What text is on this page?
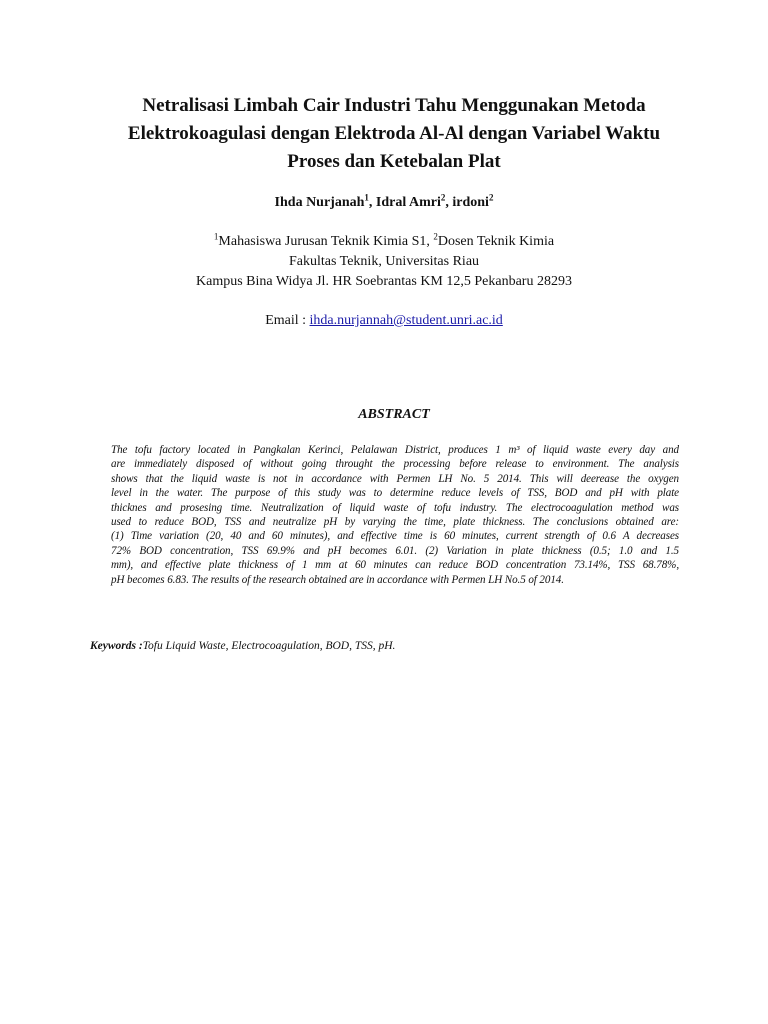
Netralisasi Limbah Cair Industri Tahu Menggunakan Metoda
Elektrokoagulasi dengan Elektroda Al-Al dengan Variabel Waktu
Proses dan Ketebalan Plat
Ihda Nurjanah$^1$, Idral Amri$^2$, irdoni$^2$
$^1$Mahasiswa Jurusan Teknik Kimia S1, $^2$Dosen Teknik Kimia
Fakultas Teknik, Universitas Riau
Kampus Bina Widya Jl. HR Soebrantas KM 12,5 Pekanbaru 28293
Email : ihda.nurjannah@student.unri.ac.id
ABSTRACT
The tofu factory located in Pangkalan Kerinci, Pelalawan District, produces 1 m³ of liquid waste every day and
are immediately disposed of without going throught the processing before release to environment. The analysis
shows that the liquid waste is not in accordance with Permen LH No. 5 2014. This will deerease the oxygen
level in the water. The purpose of this study was to determine reduce levels of TSS, BOD and pH with plate
thicknes and prosesing time. Neutralization of liquid waste of tofu industry. The electrocoagulation method was
used to reduce BOD, TSS and neutralize pH by varying the time, plate thickness. The conclusions obtained are:
(1) Time variation (20, 40 and 60 minutes), and effective time is 60 minutes, current strength of 0.6 A decreases
72% BOD concentration, TSS 69.9% and pH becomes 6.01. (2) Variation in plate thickness (0.5; 1.0 and 1.5
mm), and effective plate thickness of 1 mm at 60 minutes can reduce BOD concentration 73.14%, TSS 68.78%,
pH becomes 6.83. The results of the research obtained are in accordance with Permen LH No.5 of 2014.
Keywords :Tofu Liquid Waste, Electrocoagulation, BOD, TSS, pH.
